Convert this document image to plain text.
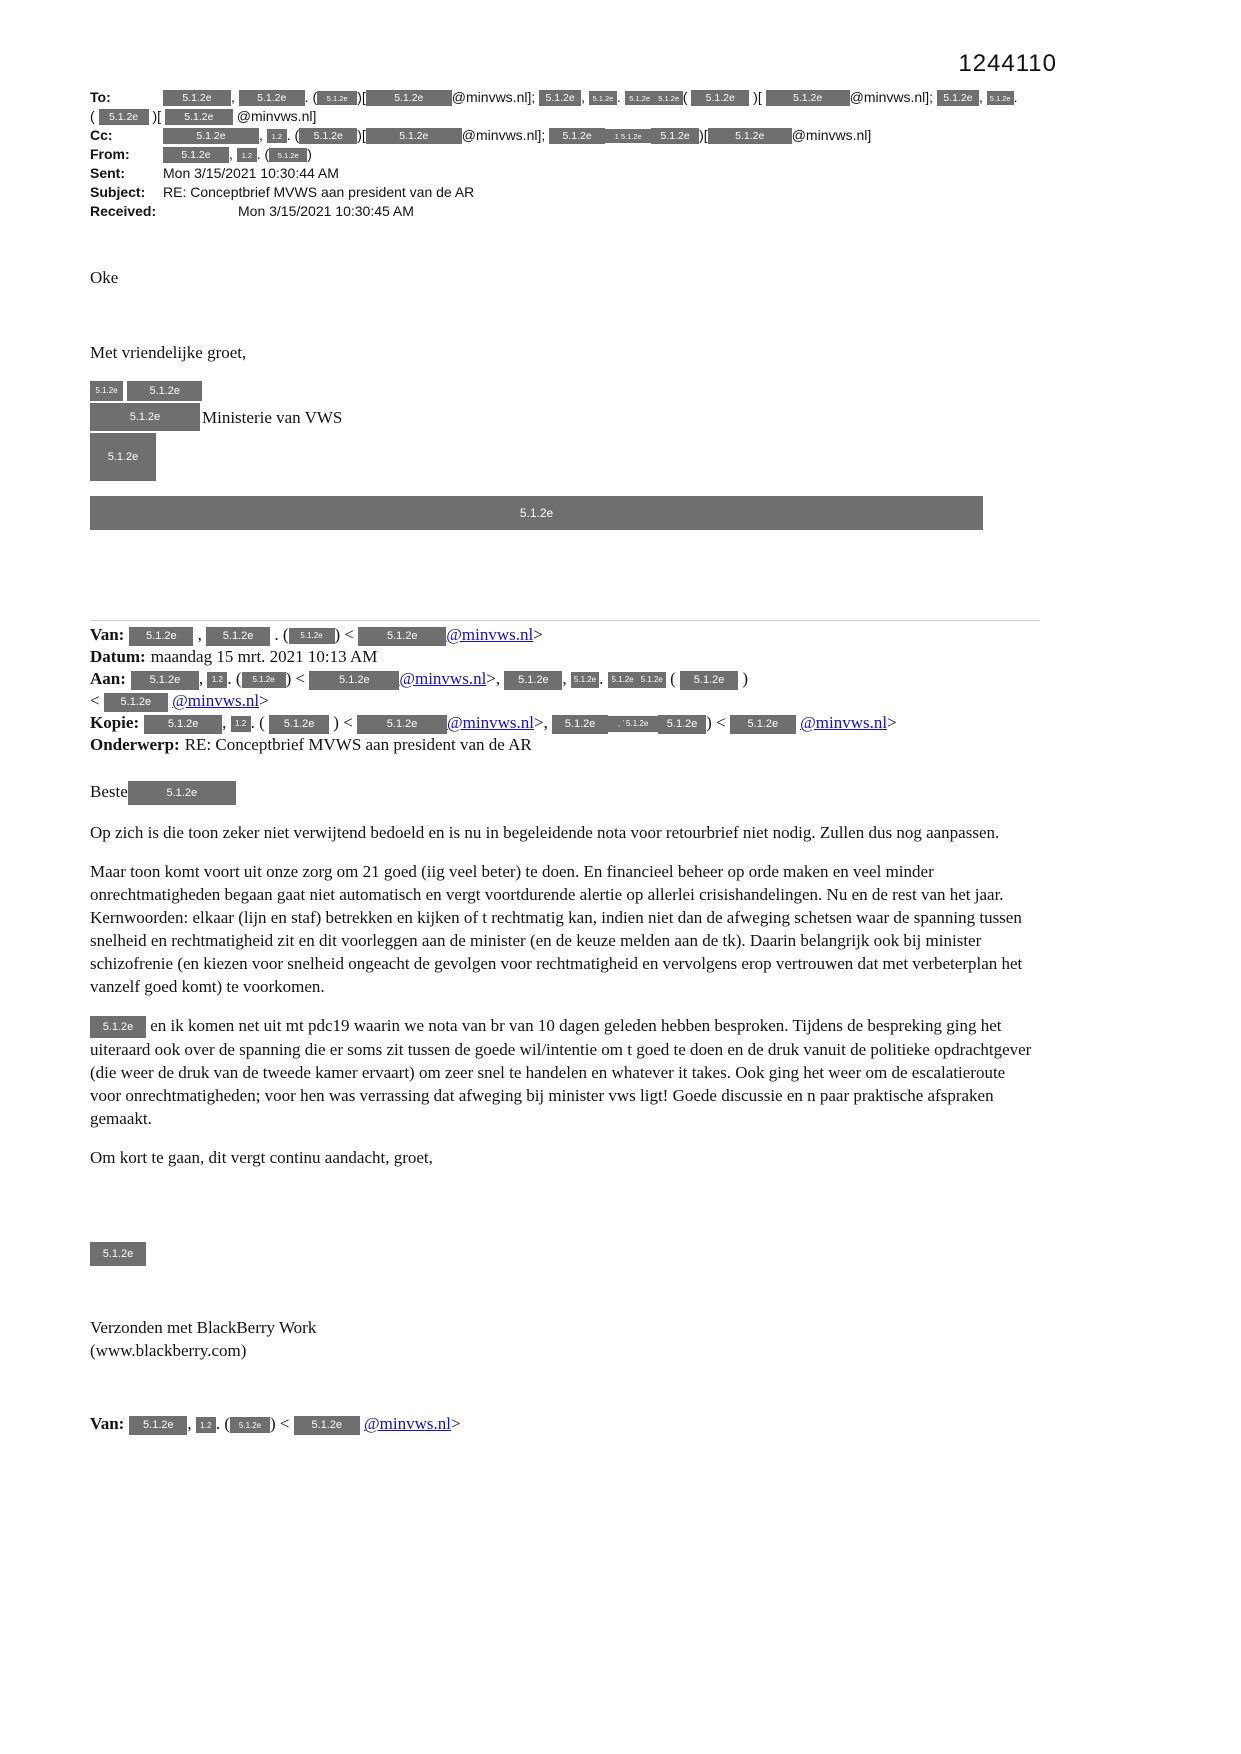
1244110
To:	5.1.2e , 5.1.2e . ( 5.1.2e )[	5.1.2e @minvws.nl]; 5.1.2e , 5.1.2e . 5.1.2e 5.1.2e ( 5.1.2e )[	5.1.2e @minvws.nl]; 5.1.2e , 5.1.2e .
( 5.1.2e )[ 5.1.2e @minvws.nl]
Cc:	5.1.2e , 1.2 . ( 5.1.2e )[	5.1.2e @minvws.nl]; 5.1.2e	1 5.1.2e 5.1.2e )[	5.1.2e @minvws.nl]
From:	5.1.2e , 1.2 . ( 5.1.2e )
Sent:	Mon 3/15/2021 10:30:44 AM
Subject: RE: Conceptbrief MVWS aan president van de AR
Received:	Mon 3/15/2021 10:30:45 AM

Oke

Met vriendelijke groet,

5.1.2e	5.1.2e
5.1.2e Ministerie van VWS
5.1.2e
5.1.2e
Van: 5.1.2e , 5.1.2e . ( 5.1.2e ) <	5.1.2e @minvws.nl>
Datum: maandag 15 mrt. 2021 10:13 AM
Aan: 5.1.2e , 1.2 . ( 5.1.2e ) <	5.1.2e @minvws.nl>, 5.1.2e , 5.1.2e . 5.1.2e 5.1.2e ( 5.1.2e )
< 5.1.2e @minvws.nl>
Kopie:	5.1.2e , 1.2 . ( 5.1.2e ) <	5.1.2e @minvws.nl>, 5.1.2e	, ’ 5.1.2e 5.1.2e ) < 5.1.2e @minvws.nl>
Onderwerp: RE: Conceptbrief MVWS aan president van de AR

Beste	5.1.2e

Op zich is die toon zeker niet verwijtend bedoeld en is nu in begeleidende nota voor retourbrief niet nodig. Zullen dus nog aanpassen.

Maar toon komt voort uit onze zorg om 21 goed (iig veel beter) te doen. En financieel beheer op orde maken en veel minder onrechtmatigheden begaan gaat niet automatisch en vergt voortdurende alertie op allerlei crisishandelingen. Nu en de rest van het jaar. Kernwoorden: elkaar (lijn en staf) betrekken en kijken of t rechtmatig kan, indien niet dan de afweging schetsen waar de spanning tussen snelheid en rechtmatigheid zit en dit voorleggen aan de minister (en de keuze melden aan de tk). Daarin belangrijk ook bij minister schizofrenie (en kiezen voor snelheid ongeacht de gevolgen voor rechtmatigheid en vervolgens erop vertrouwen dat met verbeterplan het vanzelf goed komt) te voorkomen.

5.1.2e en ik komen net uit mt pdc19 waarin we nota van br van 10 dagen geleden hebben besproken. Tijdens de bespreking ging het uiteraard ook over de spanning die er soms zit tussen de goede wil/intentie om t goed te doen en de druk vanuit de politieke opdrachtgever (die weer de druk van de tweede kamer ervaart) om zeer snel te handelen en whatever it takes. Ook ging het weer om de escalatieroute voor onrechtmatigheden; voor hen was verrassing dat afweging bij minister vws ligt! Goede discussie en n paar praktische afspraken gemaakt.

Om kort te gaan, dit vergt continu aandacht, groet,

5.1.2e
Verzonden met BlackBerry Work
(www.blackberry.com)
Van: 5.1.2e , 1.2 . ( 5.1.2e ) < 5.1.2e @minvws.nl>
